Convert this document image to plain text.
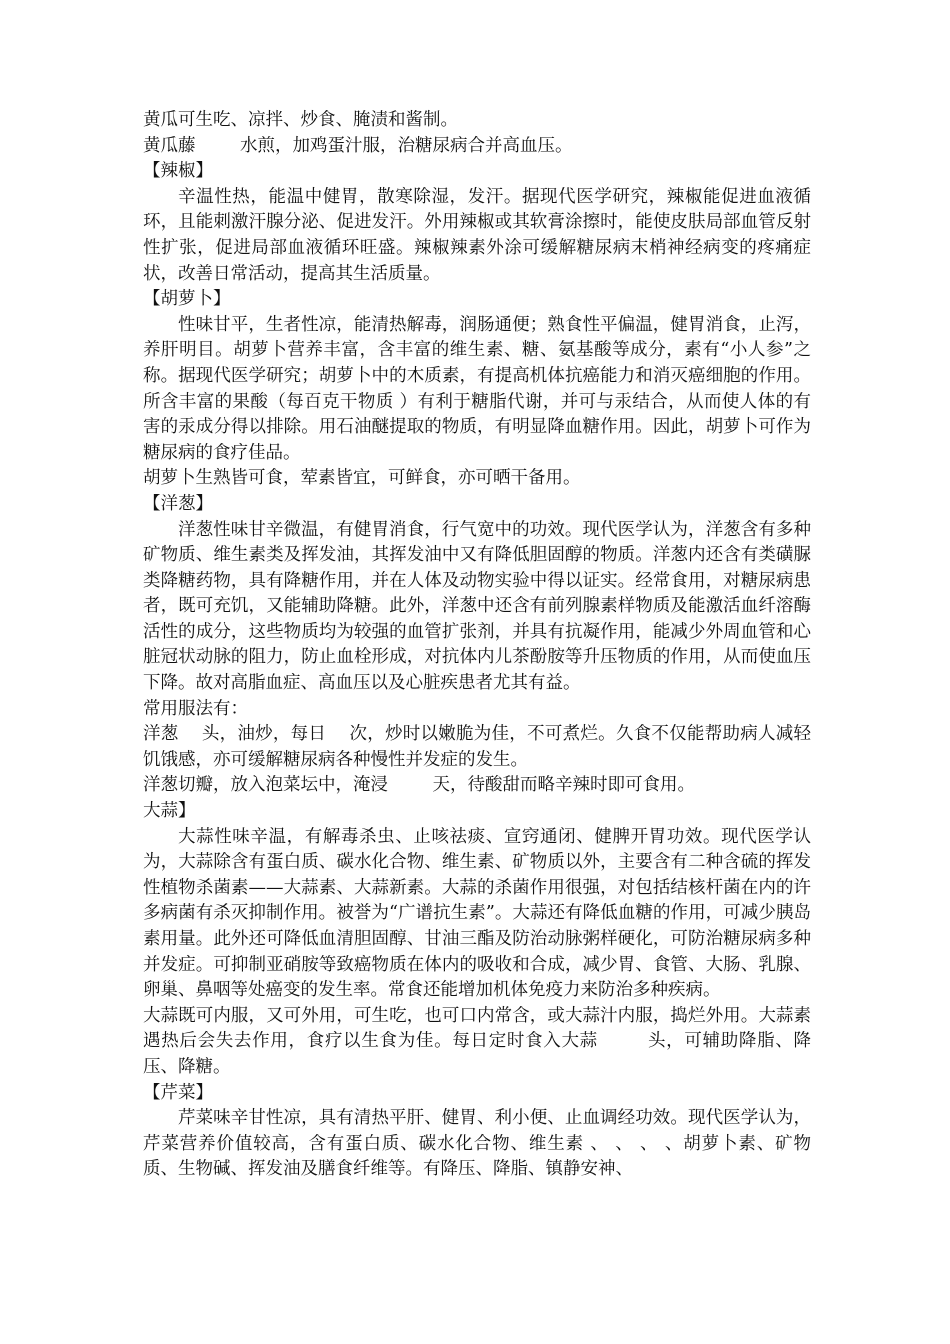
黄瓜可生吃、凉拌、炒食、腌渍和酱制。

黄瓜藤        水煎，加鸡蛋汁服，治糖尿病合并高血压。

【辣椒】

辛温性热，能温中健胃，散寒除湿，发汗。据现代医学研究，辣椒能促进血液循环，且能刺激汗腺分泌、促进发汗。外用辣椒或其软膏涂擦时，能使皮肤局部血管反射性扩张，促进局部血液循环旺盛。辣椒辣素外涂可缓解糖尿病末梢神经病变的疼痛症状，改善日常活动，提高其生活质量。

【胡萝卜】

性味甘平，生者性凉，能清热解毒，润肠通便；熟食性平偏温，健胃消食，止泻，养肝明目。胡萝卜营养丰富，含丰富的维生素、糖、氨基酸等成分，素有“小人参”之称。据现代医学研究；胡萝卜中的木质素，有提高机体抗癌能力和消灭癌细胞的作用。所含丰富的果酸（每百克干物质 ）有利于糖脂代谢，并可与汞结合，从而使人体的有害的汞成分得以排除。用石油醚提取的物质，有明显降血糖作用。因此，胡萝卜可作为糖尿病的食疗佳品。

胡萝卜生熟皆可食，荤素皆宜，可鲜食，亦可晒干备用。

【洋葱】

洋葱性味甘辛微温，有健胃消食，行气宽中的功效。现代医学认为，洋葱含有多种矿物质、维生素类及挥发油，其挥发油中又有降低胆固醇的物质。洋葱内还含有类磺脲类降糖药物，具有降糖作用，并在人体及动物实验中得以证实。经常食用，对糖尿病患者，既可充饥，又能辅助降糖。此外，洋葱中还含有前列腺素样物质及能激活血纤溶酶活性的成分，这些物质均为较强的血管扩张剂，并具有抗凝作用，能减少外周血管和心脏冠状动脉的阻力，防止血栓形成，对抗体内儿茶酚胺等升压物质的作用，从而使血压下降。故对高脂血症、高血压以及心脏疾患者尤其有益。

常用服法有：

洋葱    头，油炒，每日    次，炒时以嫩脆为佳，不可煮烂。久食不仅能帮助病人减轻饥饿感，亦可缓解糖尿病各种慢性并发症的发生。

洋葱切瓣，放入泡菜坛中，淹浸        天，待酸甜而略辛辣时即可食用。

大蒜】

大蒜性味辛温，有解毒杀虫、止咳祛痰、宣窍通闭、健脾开胃功效。现代医学认为，大蒜除含有蛋白质、碳水化合物、维生素、矿物质以外，主要含有二种含硫的挥发性植物杀菌素——大蒜素、大蒜新素。大蒜的杀菌作用很强，对包括结核杆菌在内的许多病菌有杀灭抑制作用。被誉为“广谱抗生素”。大蒜还有降低血糖的作用，可减少胰岛素用量。此外还可降低血清胆固醇、甘油三酯及防治动脉粥样硬化，可防治糖尿病多种并发症。可抑制亚硝胺等致癌物质在体内的吸收和合成，减少胃、食管、大肠、乳腺、卵巢、鼻咽等处癌变的发生率。常食还能增加机体免疫力来防治多种疾病。

大蒜既可内服，又可外用，可生吃，也可口内常含，或大蒜汁内服，捣烂外用。大蒜素遇热后会失去作用，食疗以生食为佳。每日定时食入大蒜        头，可辅助降脂、降压、降糖。

【芹菜】

芹菜味辛甘性凉，具有清热平肝、健胃、利小便、止血调经功效。现代医学认为，芹菜营养价值较高，含有蛋白质、碳水化合物、维生素 、 、 、 、胡萝卜素、矿物质、生物碱、挥发油及膳食纤维等。有降压、降脂、镇静安神、
